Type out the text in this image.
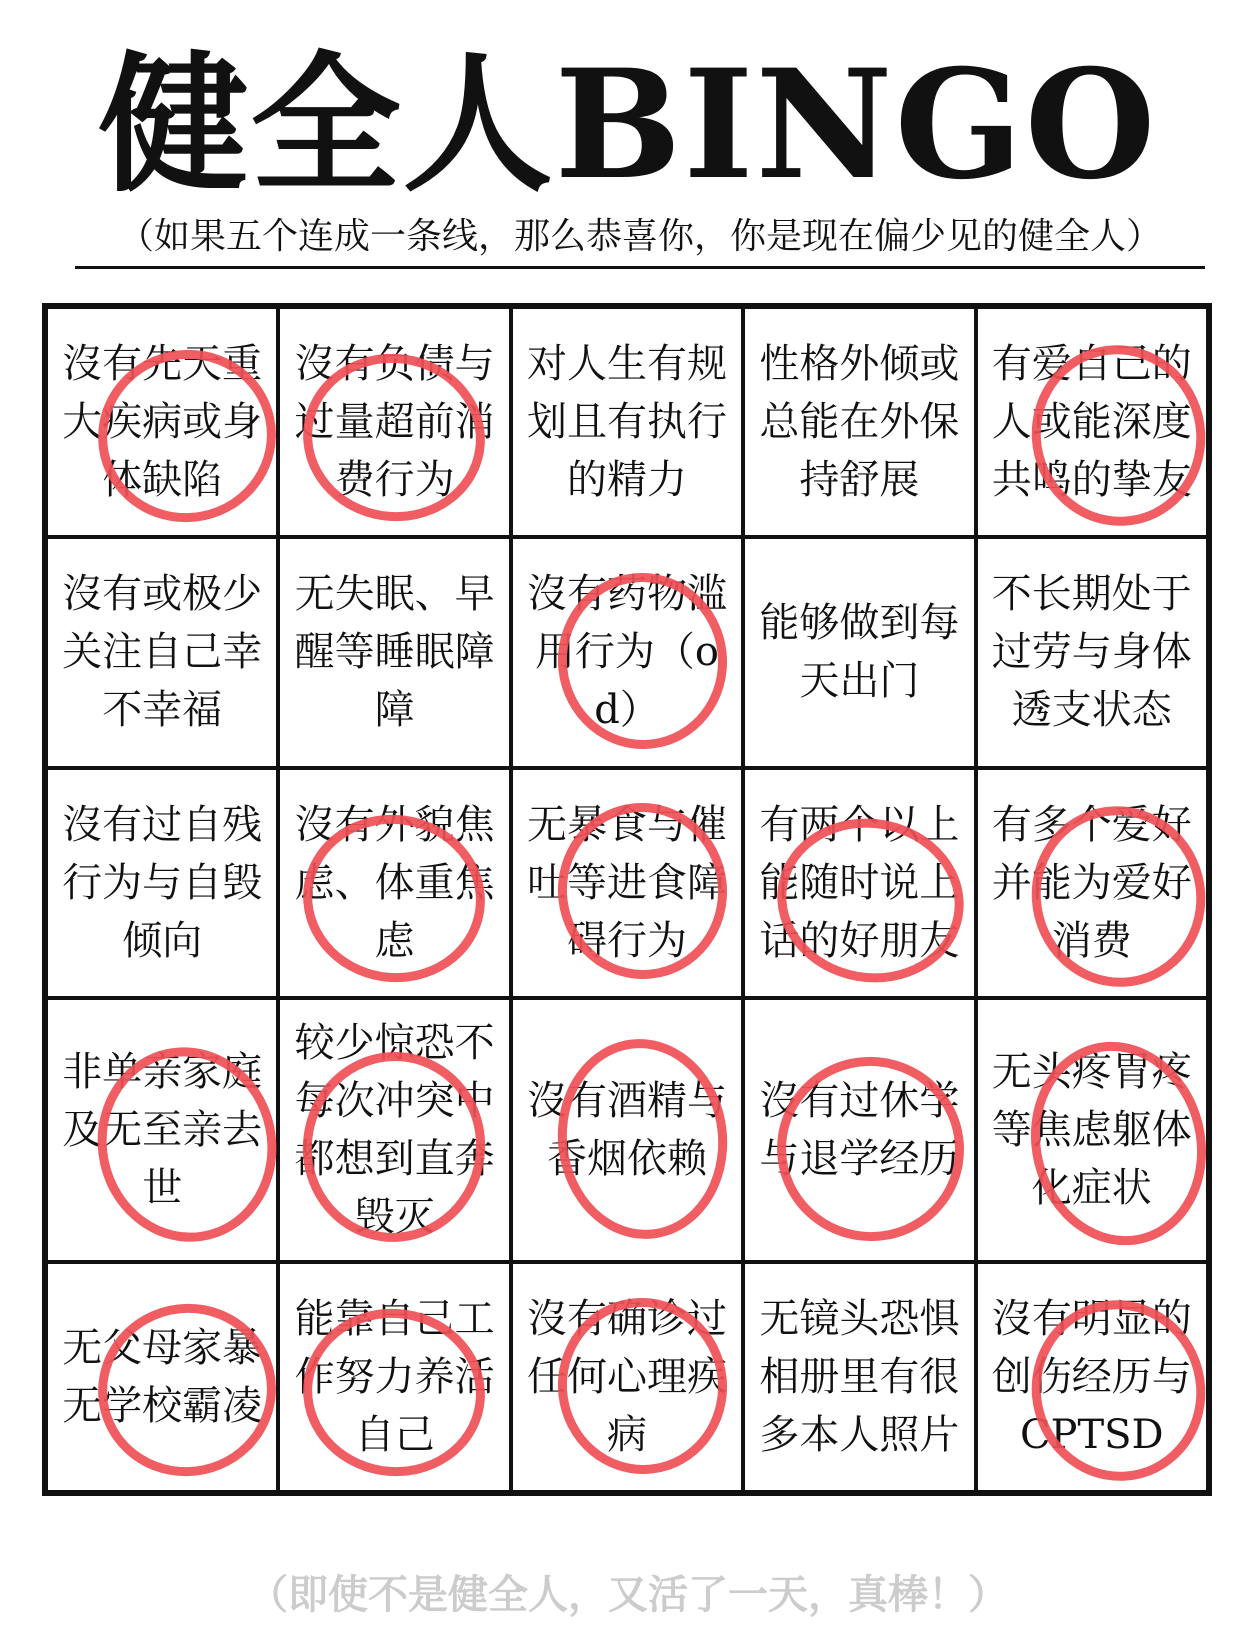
健全人BINGO
（如果五个连成一条线，那么恭喜你，你是现在偏少见的健全人）
沒有先天重大疾病或身体缺陷
沒有负债与过量超前消费行为
对人生有规划且有执行的精力
性格外倾或总能在外保持舒展
有爱自己的人或能深度共鸣的挚友
沒有或极少关注自己幸不幸福
无失眠、早醒等睡眠障障
沒有药物滥用行为（od）
能够做到每天出门
不长期处于过劳与身体透支状态
沒有过自残行为与自毁倾向
沒有外貌焦虑、体重焦虑
无暴食与催吐等进食障碍行为
有两个以上能随时说上话的好朋友
有多个爱好并能为爱好消费
非单亲家庭及无至亲去世
较少惊恐不每次冲突中都想到直奔毁灭
沒有酒精与香烟依赖
沒有过休学与退学经历
无头疼胃疼等焦虑躯体化症状
无父母家暴无学校霸凌
能靠自己工作努力养活自己
沒有确诊过任何心理疾病
无镜头恐惧相册里有很多本人照片
沒有明显的创伤经历与CPTSD
（即使不是健全人，又活了一天，真棒！）
